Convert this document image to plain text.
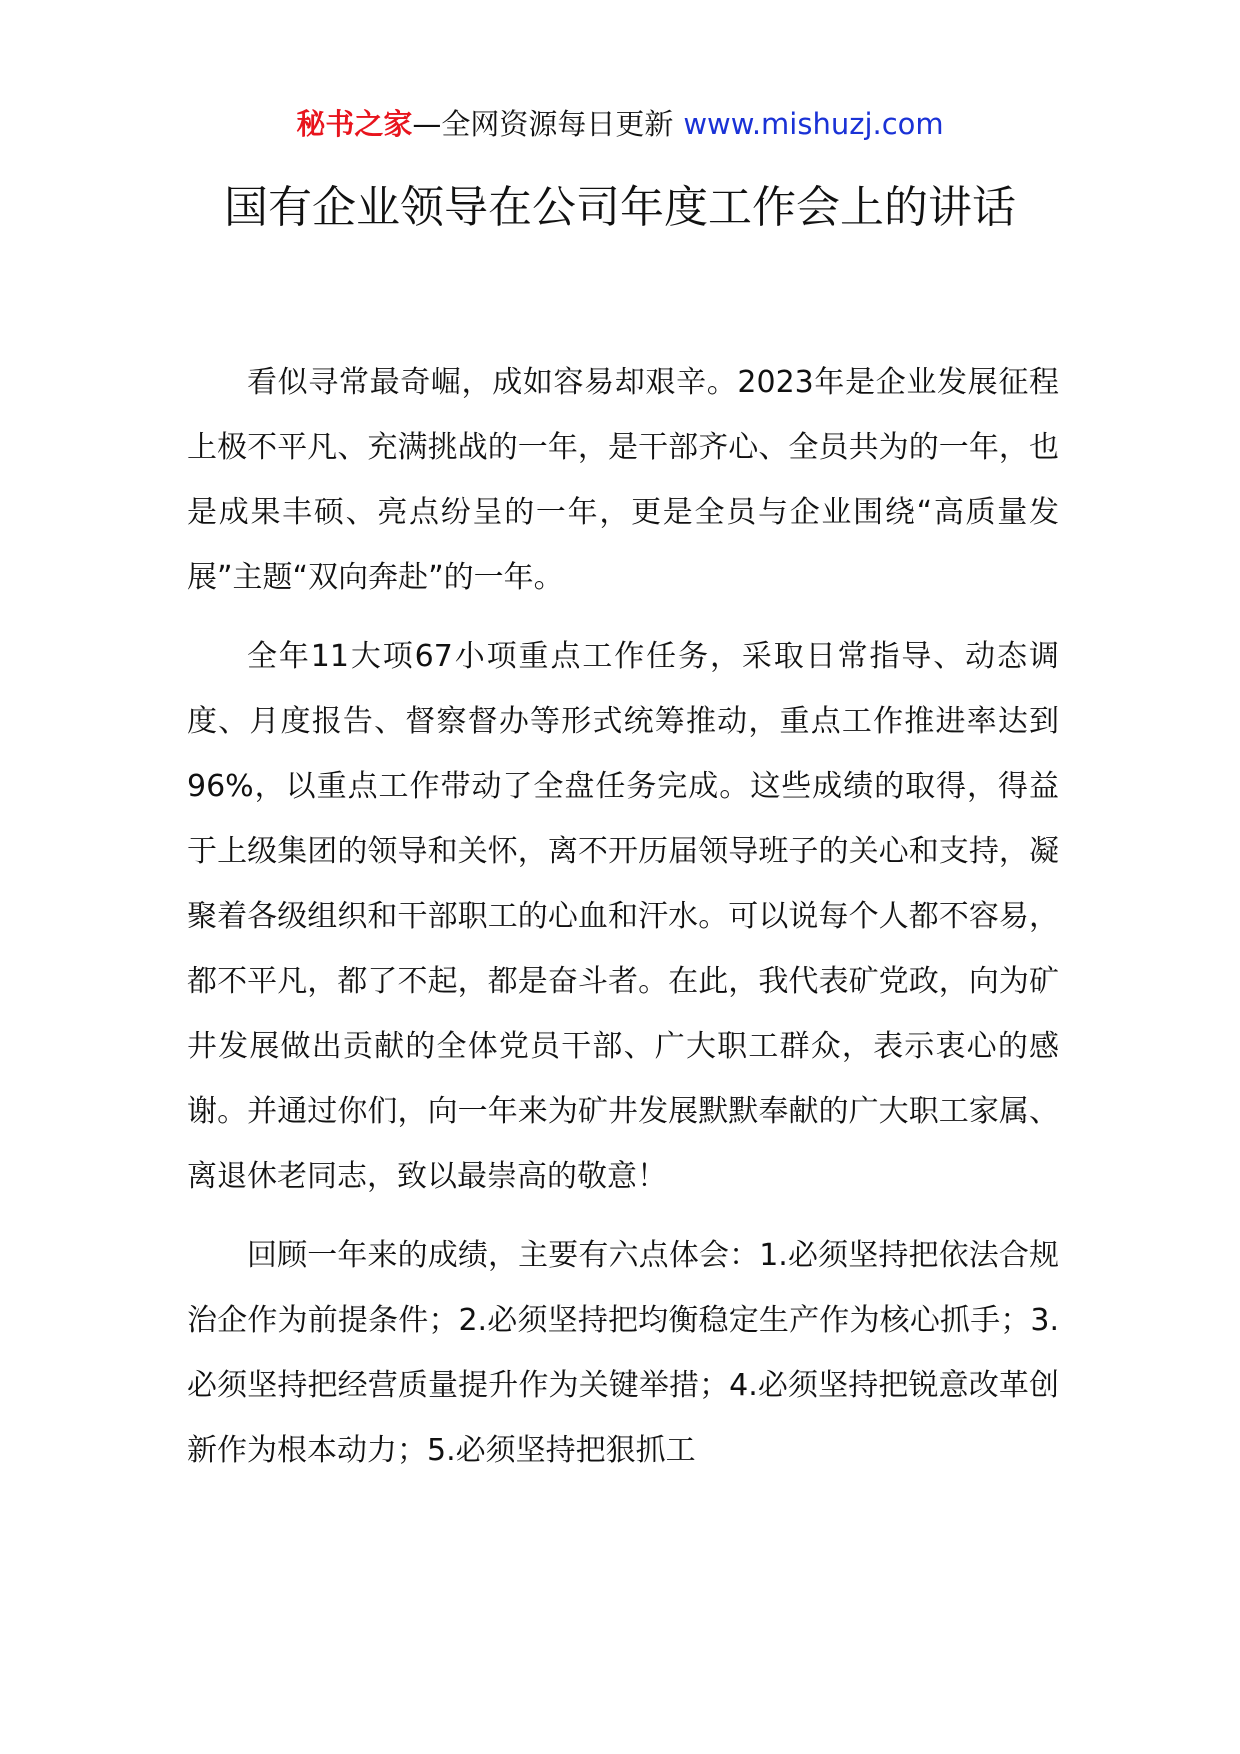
秘书之家—全网资源每日更新 www.mishuzj.com
国有企业领导在公司年度工作会上的讲话

看似寻常最奇崛，成如容易却艰辛。2023年是企业发展征程上极不平凡、充满挑战的一年，是干部齐心、全员共为的一年，也是成果丰硕、亮点纷呈的一年，更是全员与企业围绕“高质量发展”主题“双向奔赴”的一年。

全年11大项67小项重点工作任务，采取日常指导、动态调度、月度报告、督察督办等形式统筹推动，重点工作推进率达到96%，以重点工作带动了全盘任务完成。这些成绩的取得，得益于上级集团的领导和关怀，离不开历届领导班子的关心和支持，凝聚着各级组织和干部职工的心血和汗水。可以说每个人都不容易，都不平凡，都了不起，都是奋斗者。在此，我代表矿党政，向为矿井发展做出贡献的全体党员干部、广大职工群众，表示衷心的感谢。并通过你们，向一年来为矿井发展默默奉献的广大职工家属、离退休老同志，致以最崇高的敬意！

回顾一年来的成绩，主要有六点体会：1.必须坚持把依法合规治企作为前提条件；2.必须坚持把均衡稳定生产作为核心抓手；3.必须坚持把经营质量提升作为关键举措；4.必须坚持把锐意改革创新作为根本动力；5.必须坚持把狠抓工
